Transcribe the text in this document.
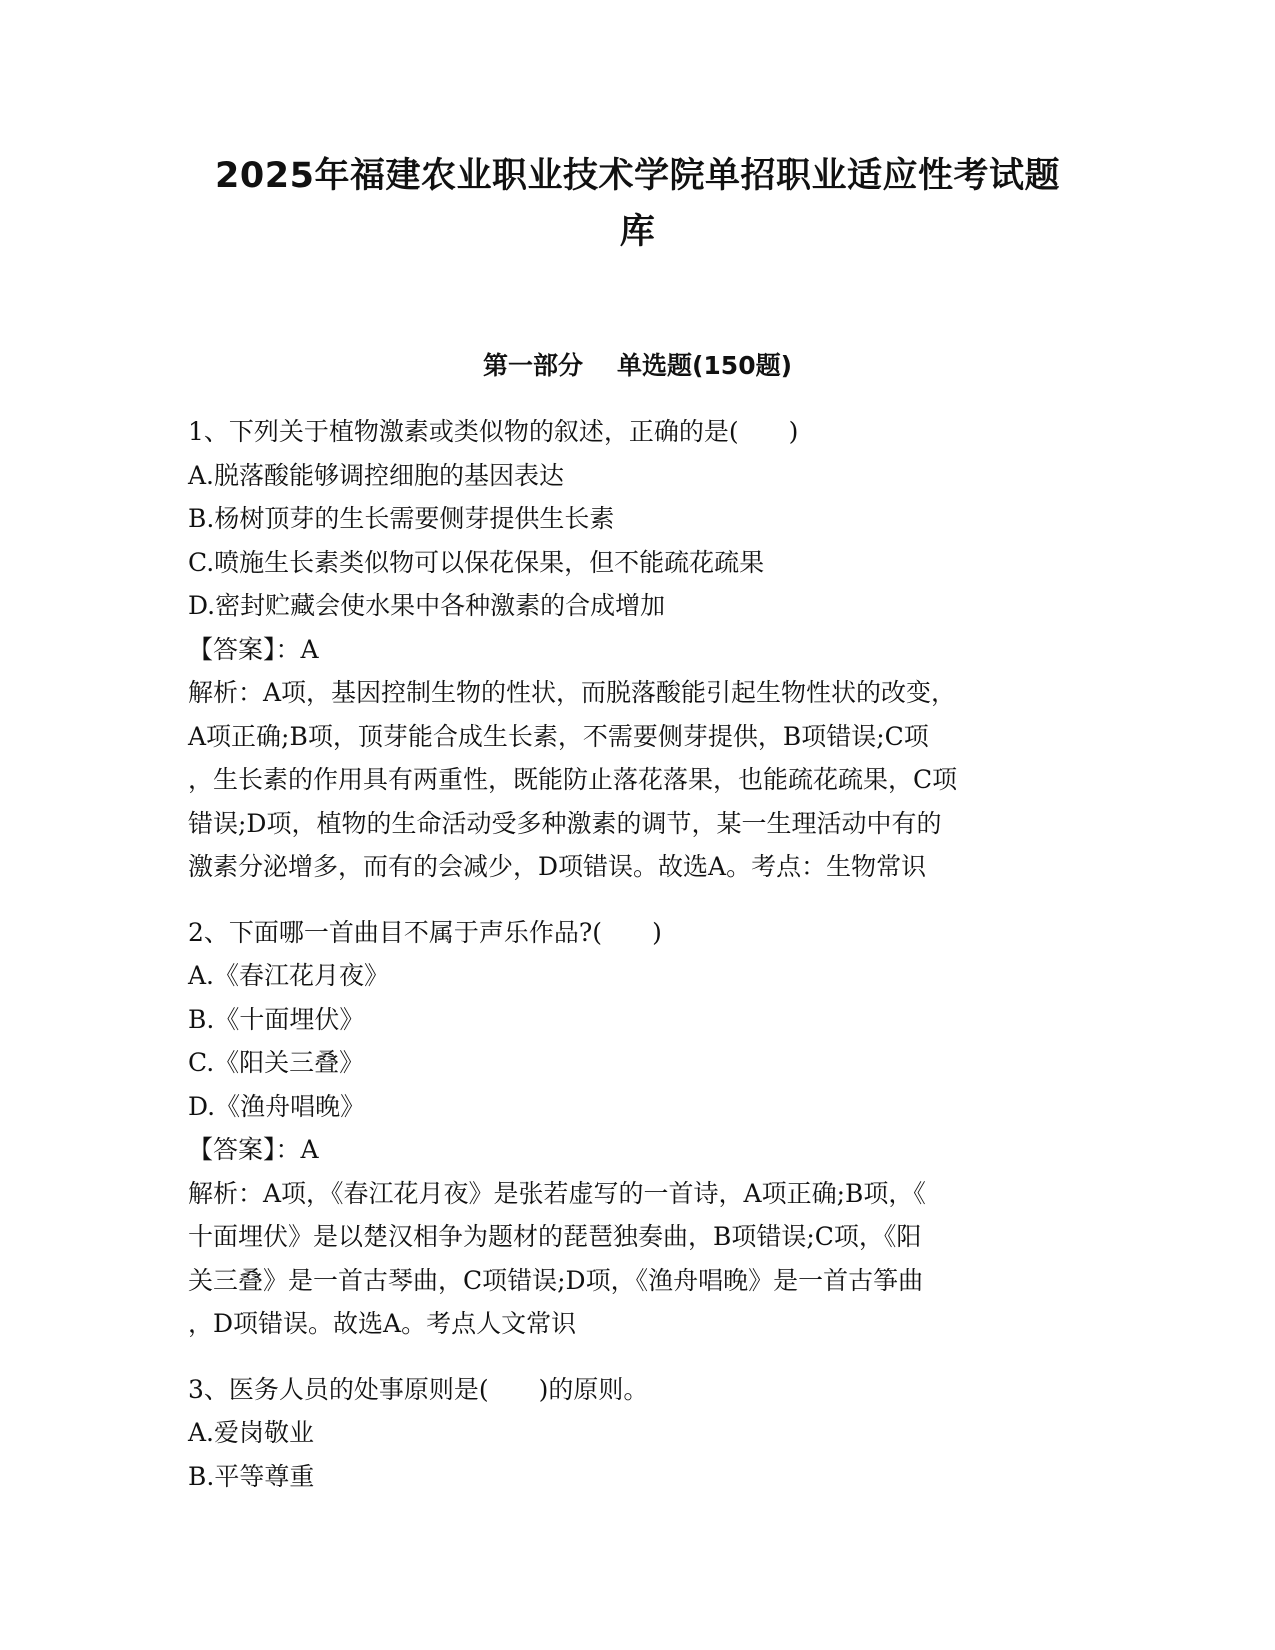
2025年福建农业职业技术学院单招职业适应性考试题
库
第一部分 单选题(150题)

1、下列关于植物激素或类似物的叙述，正确的是(　　)

A.脱落酸能够调控细胞的基因表达

B.杨树顶芽的生长需要侧芽提供生长素

C.喷施生长素类似物可以保花保果，但不能疏花疏果

D.密封贮藏会使水果中各种激素的合成增加

【答案】：A

解析：A项，基因控制生物的性状，而脱落酸能引起生物性状的改变，
A项正确;B项，顶芽能合成生长素，不需要侧芽提供，B项错误;C项
，生长素的作用具有两重性，既能防止落花落果，也能疏花疏果，C项
错误;D项，植物的生命活动受多种激素的调节，某一生理活动中有的
激素分泌增多，而有的会减少，D项错误。故选A。考点：生物常识

2、下面哪一首曲目不属于声乐作品?(　　)

A.《春江花月夜》

B.《十面埋伏》

C.《阳关三叠》

D.《渔舟唱晚》

【答案】：A

解析：A项，《春江花月夜》是张若虚写的一首诗，A项正确;B项，《
十面埋伏》是以楚汉相争为题材的琵琶独奏曲，B项错误;C项，《阳
关三叠》是一首古琴曲，C项错误;D项，《渔舟唱晚》是一首古筝曲
，D项错误。故选A。考点人文常识

3、医务人员的处事原则是(　　)的原则。

A.爱岗敬业

B.平等尊重
